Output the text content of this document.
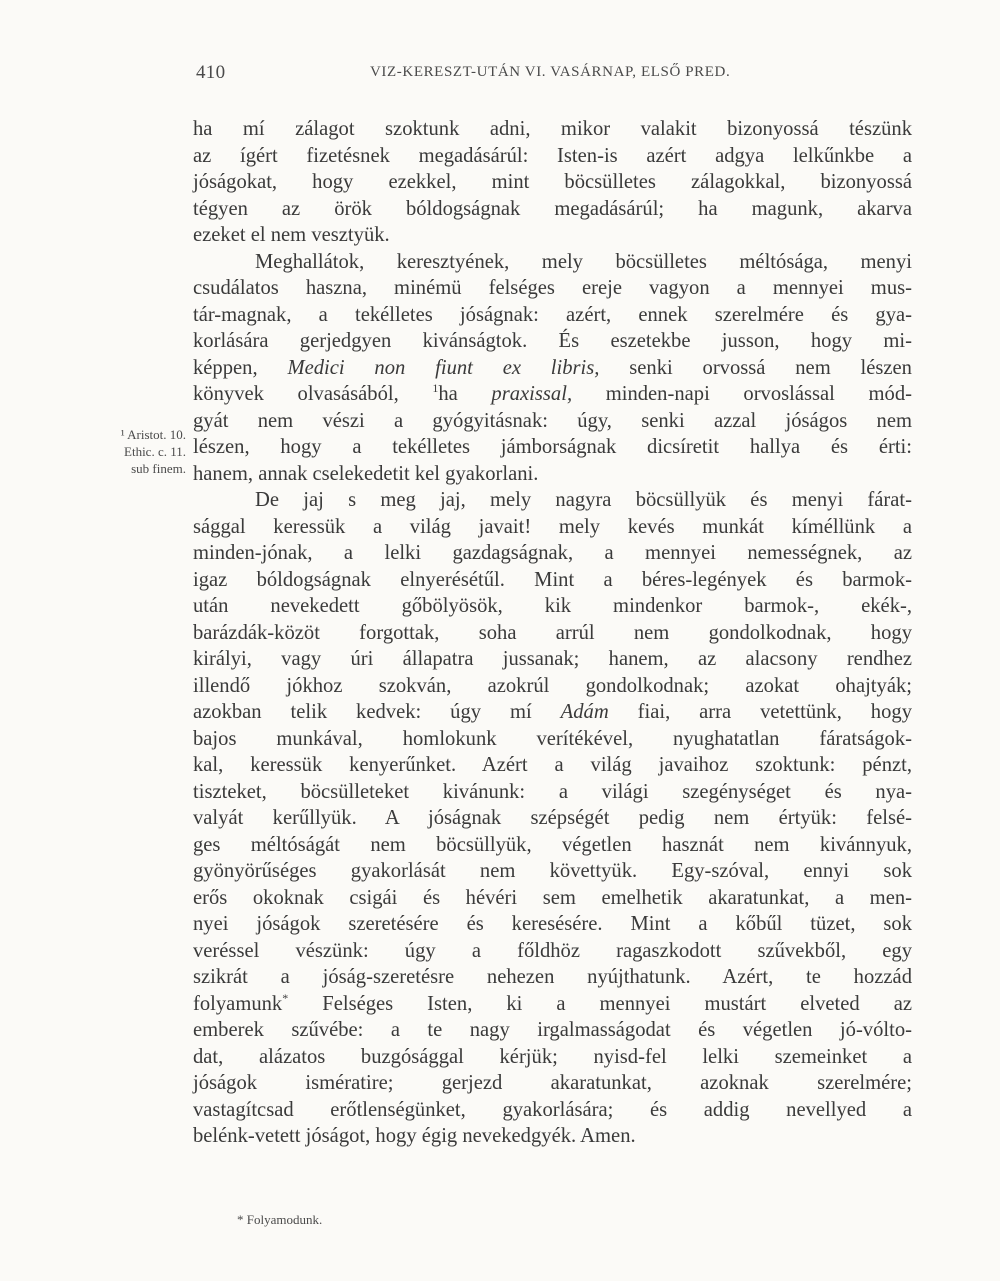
410	VIZ-KERESZT-UTÁN VI. VASÁRNAP, ELSŐ PRED.
ha mí zálagot szoktunk adni, mikor valakit bizonyossá tészünk
az ígért fizetésnek megadásárúl: Isten-is azért adgya lelkűnkbe a
jóságokat, hogy ezekkel, mint böcsülletes zálagokkal, bizonyossá
tégyen az örök bóldogságnak megadásárúl; ha magunk, akarva
ezeket el nem vesztyük.
Meghallátok, keresztyének, mely böcsülletes méltósága, menyi
csudálatos haszna, minémü felséges ereje vagyon a mennyei mus-
tár-magnak, a tekélletes jóságnak: azért, ennek szerelmére és gya-
korlására gerjedgyen kivánságtok. És eszetekbe jusson, hogy mi-
képpen, Medici non fiunt ex libris, senki orvossá nem lészen
könyvek olvasásából,	$^1$ha praxissal, minden-napi orvoslással mód-
gyát nem vészi a gyógyitásnak: úgy, senki azzal jóságos nem
lészen, hogy a tekélletes jámborságnak dicsíretit hallya és érti:
hanem, annak cselekedetit kel gyakorlani.
De jaj s meg jaj, mely nagyra böcsüllyük és menyi fárat-
sággal keressük a világ javait! mely kevés munkát kíméllünk a
minden-jónak, a lelki gazdagságnak, a mennyei nemességnek, az
igaz bóldogságnak elnyerésétűl. Mint a béres-legények és barmok-
után nevekedett gőbölyösök, kik mindenkor barmok-, ekék-,
barázdák-közöt forgottak, soha arrúl nem gondolkodnak, hogy
királyi, vagy úri állapatra jussanak; hanem, az alacsony rendhez
illendő jókhoz szokván, azokrúl gondolkodnak; azokat ohajtyák;
azokban telik kedvek: úgy mí Adám fiai, arra vetettünk, hogy
bajos munkával, homlokunk verítékével, nyughatatlan fáratságok-
kal, keressük kenyerűnket. Azért a világ javaihoz szoktunk: pénzt,
tiszteket, böcsülleteket kivánunk: a világi szegénységet és nya-
valyát kerűllyük. A jóságnak szépségét pedig nem értyük: felsé-
ges méltóságát nem böcsüllyük, végetlen hasznát nem kivánnyuk,
gyönyörűséges gyakorlását nem követtyük. Egy-szóval, ennyi sok
erős okoknak csigái és hévéri sem emelhetik akaratunkat, a men-
nyei jóságok szeretésére és keresésére. Mint a kőbűl tüzet, sok
veréssel vészünk: úgy a főldhöz ragaszkodott szűvekből, egy
szikrát a jóság-szeretésre nehezen nyújthatunk. Azért, te hozzád
folyamunk* Felséges Isten, ki a mennyei mustárt elveted az
emberek szűvébe: a te nagy irgalmasságodat és végetlen jó-vólto-
dat, alázatos buzgósággal kérjük; nyisd-fel lelki szemeinket a
jóságok ismératire; gerjezd akaratunkat, azoknak szerelmére;
vastagítcsad erőtlenségünket, gyakorlására; és addig nevellyed a
belénk-vetett jóságot, hogy égig nevekedgyék. Amen.
¹ Aristot. 10.
Ethic. c. 11.
sub finem.
* Folyamodunk.
